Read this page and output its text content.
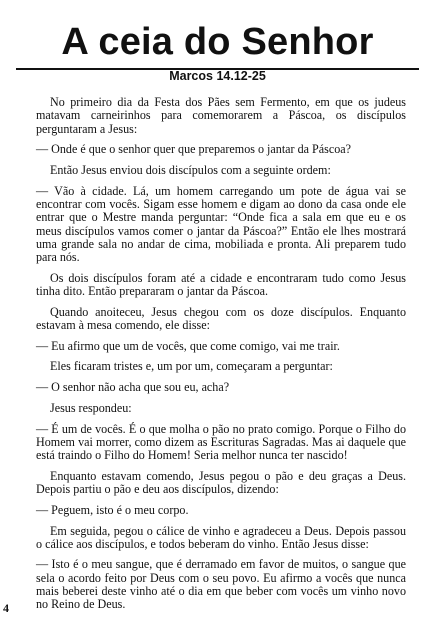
A ceia do Senhor
Marcos 14.12-25

No primeiro dia da Festa dos Pães sem Fermento, em que os judeus matavam carneirinhos para comemorarem a Páscoa, os discípulos perguntaram a Jesus:

— Onde é que o senhor quer que preparemos o jantar da Páscoa?

Então Jesus enviou dois discípulos com a seguinte ordem:

— Vão à cidade. Lá, um homem carregando um pote de água vai se encontrar com vocês. Sigam esse homem e digam ao dono da casa onde ele entrar que o Mestre manda perguntar: “Onde fica a sala em que eu e os meus discípulos vamos comer o jantar da Páscoa?” Então ele lhes mostrará uma grande sala no andar de cima, mobiliada e pronta. Ali preparem tudo para nós.

Os dois discípulos foram até a cidade e encontraram tudo como Jesus tinha dito. Então prepararam o jantar da Páscoa.

Quando anoiteceu, Jesus chegou com os doze discípulos. Enquanto estavam à mesa comendo, ele disse:

— Eu afirmo que um de vocês, que come comigo, vai me trair.

Eles ficaram tristes e, um por um, começaram a perguntar:

— O senhor não acha que sou eu, acha?

Jesus respondeu:

— É um de vocês. É o que molha o pão no prato comigo. Porque o Filho do Homem vai morrer, como dizem as Escrituras Sagradas. Mas ai daquele que está traindo o Filho do Homem! Seria melhor nunca ter nascido!

Enquanto estavam comendo, Jesus pegou o pão e deu graças a Deus. Depois partiu o pão e deu aos discípulos, dizendo:

— Peguem, isto é o meu corpo.

Em seguida, pegou o cálice de vinho e agradeceu a Deus. Depois passou o cálice aos discípulos, e todos beberam do vinho. Então Jesus disse:

— Isto é o meu sangue, que é derramado em favor de muitos, o sangue que sela o acordo feito por Deus com o seu povo. Eu afirmo a vocês que nunca mais beberei deste vinho até o dia em que beber com vocês um vinho novo no Reino de Deus.

4
